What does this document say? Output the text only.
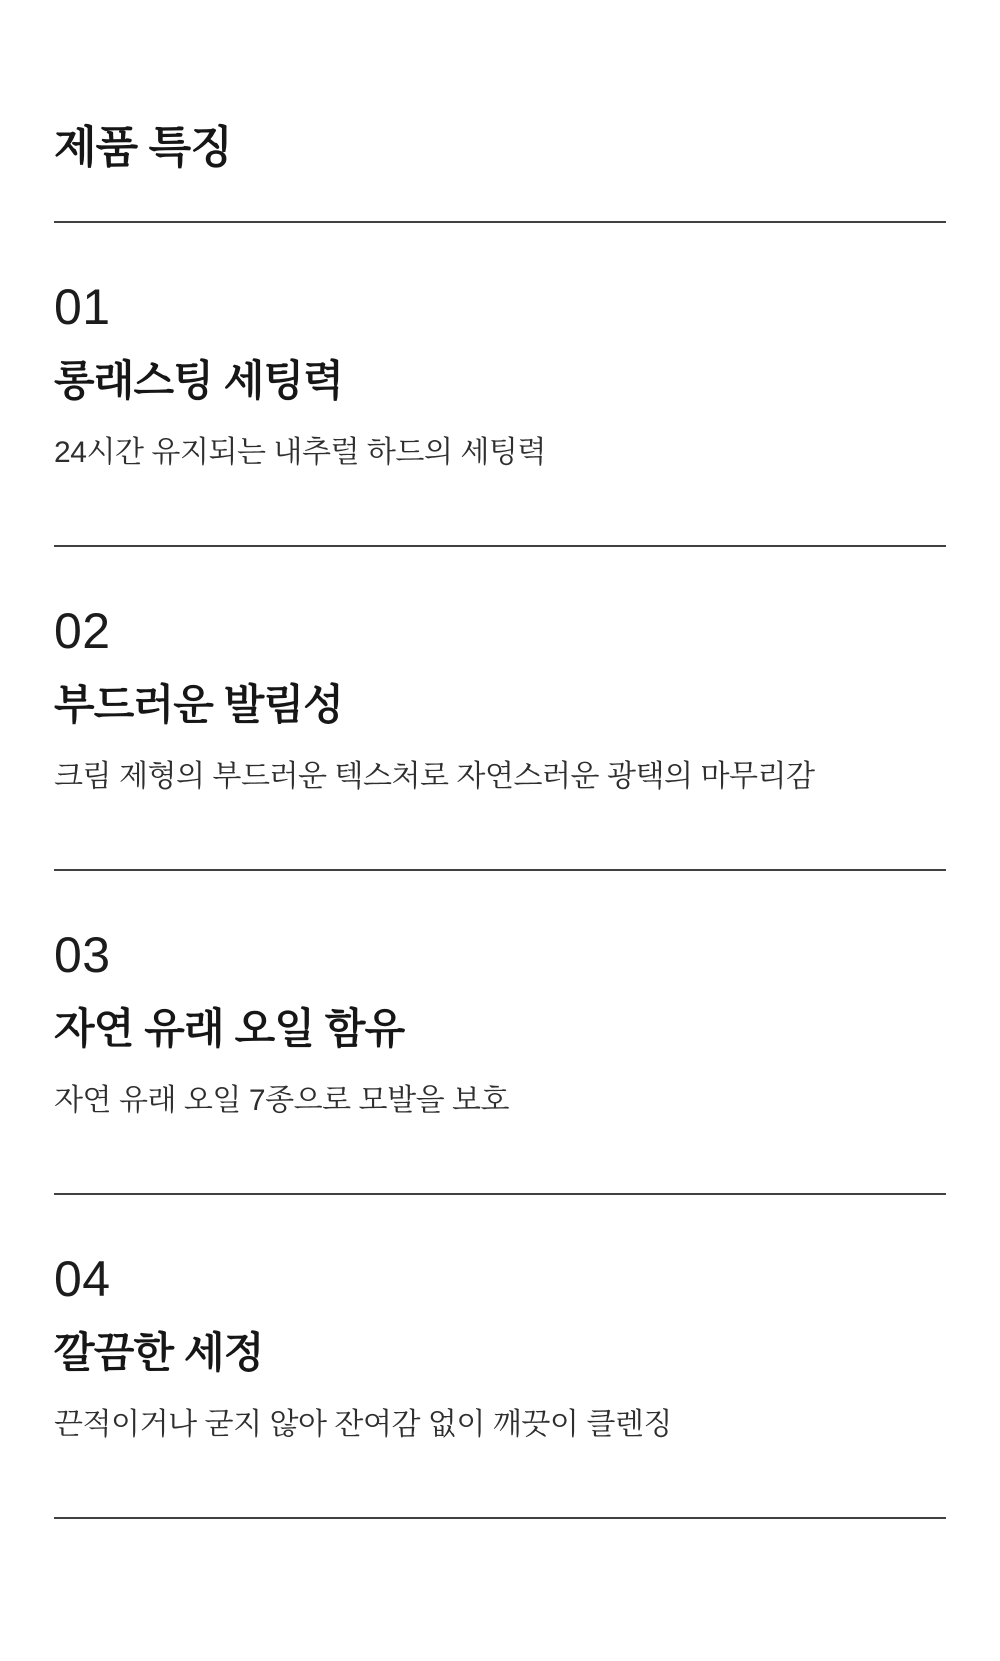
제품 특징
01
롱래스팅 세팅력

24시간 유지되는 내추럴 하드의 세팅력

02
부드러운 발림성

크림 제형의 부드러운 텍스처로 자연스러운 광택의 마무리감

03
자연 유래 오일 함유

자연 유래 오일 7종으로 모발을 보호

04
깔끔한 세정

끈적이거나 굳지 않아 잔여감 없이 깨끗이 클렌징
